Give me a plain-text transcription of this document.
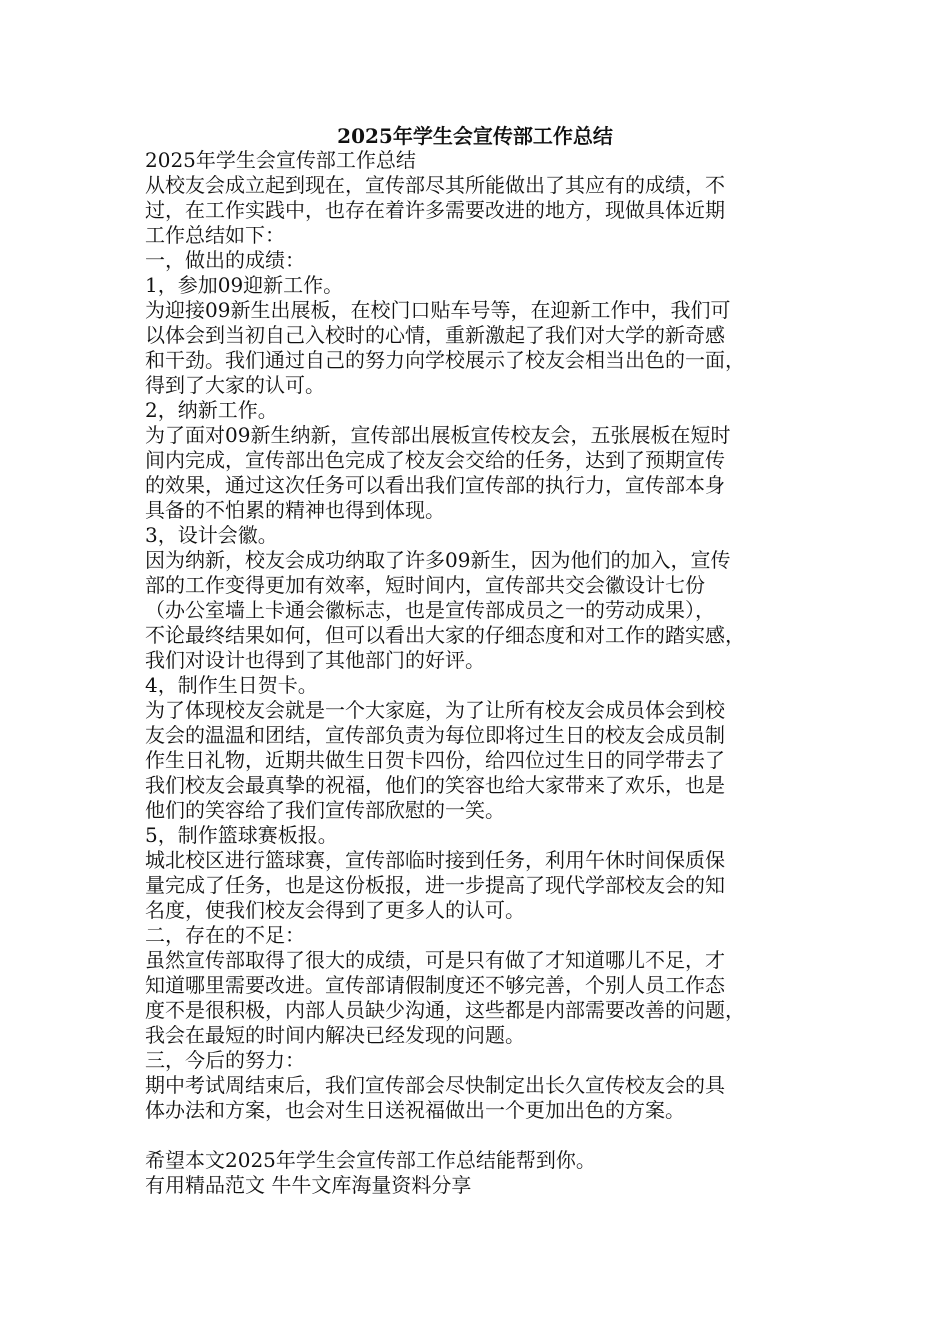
2025年学生会宣传部工作总结
2025年学生会宣传部工作总结
从校友会成立起到现在，宣传部尽其所能做出了其应有的成绩，不
过，在工作实践中，也存在着许多需要改进的地方，现做具体近期
工作总结如下：
一，做出的成绩：
1，参加09迎新工作。
为迎接09新生出展板，在校门口贴车号等，在迎新工作中，我们可
以体会到当初自己入校时的心情，重新激起了我们对大学的新奇感
和干劲。我们通过自己的努力向学校展示了校友会相当出色的一面，
得到了大家的认可。
2，纳新工作。
为了面对09新生纳新，宣传部出展板宣传校友会，五张展板在短时
间内完成，宣传部出色完成了校友会交给的任务，达到了预期宣传
的效果，通过这次任务可以看出我们宣传部的执行力，宣传部本身
具备的不怕累的精神也得到体现。
3，设计会徽。
因为纳新，校友会成功纳取了许多09新生，因为他们的加入，宣传
部的工作变得更加有效率，短时间内，宣传部共交会徽设计七份
（办公室墙上卡通会徽标志，也是宣传部成员之一的劳动成果），
不论最终结果如何，但可以看出大家的仔细态度和对工作的踏实感，
我们对设计也得到了其他部门的好评。
4，制作生日贺卡。
为了体现校友会就是一个大家庭，为了让所有校友会成员体会到校
友会的温温和团结，宣传部负责为每位即将过生日的校友会成员制
作生日礼物，近期共做生日贺卡四份，给四位过生日的同学带去了
我们校友会最真挚的祝福，他们的笑容也给大家带来了欢乐，也是
他们的笑容给了我们宣传部欣慰的一笑。
5，制作篮球赛板报。
城北校区进行篮球赛，宣传部临时接到任务，利用午休时间保质保
量完成了任务，也是这份板报，进一步提高了现代学部校友会的知
名度，使我们校友会得到了更多人的认可。
二，存在的不足：
虽然宣传部取得了很大的成绩，可是只有做了才知道哪儿不足，才
知道哪里需要改进。宣传部请假制度还不够完善，个别人员工作态
度不是很积极，内部人员缺少沟通，这些都是内部需要改善的问题，
我会在最短的时间内解决已经发现的问题。
三，今后的努力：
期中考试周结束后，我们宣传部会尽快制定出长久宣传校友会的具
体办法和方案，也会对生日送祝福做出一个更加出色的方案。
希望本文2025年学生会宣传部工作总结能帮到你。
有用精品范文 牛牛文库海量资料分享
